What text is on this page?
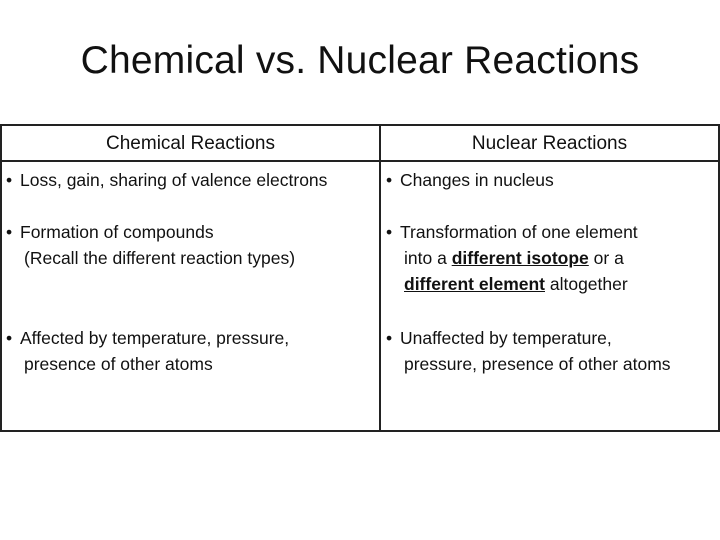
Chemical vs. Nuclear Reactions
Chemical Reactions	Nuclear Reactions
• Loss, gain, sharing of valence electrons	• Changes in nucleus
• Formation of compounds
(Recall the different reaction types)
• Transformation of one element
into a different isotope or a
different element altogether
• Affected by temperature, pressure,
presence of other atoms
• Unaffected by temperature,
pressure, presence of other atoms
